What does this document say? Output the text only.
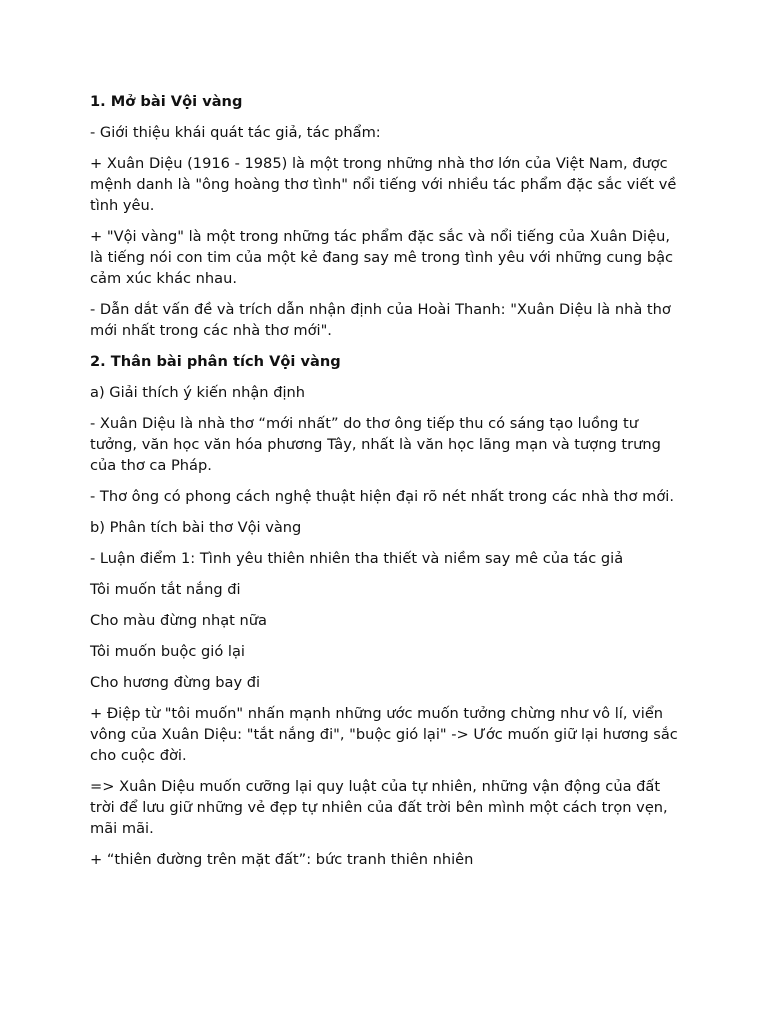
1. Mở bài Vội vàng

- Giới thiệu khái quát tác giả, tác phẩm:

+ Xuân Diệu (1916 - 1985) là một trong những nhà thơ lớn của Việt Nam, được mệnh danh là "ông hoàng thơ tình" nổi tiếng với nhiều tác phẩm đặc sắc viết về tình yêu.

+ "Vội vàng" là một trong những tác phẩm đặc sắc và nổi tiếng của Xuân Diệu, là tiếng nói con tim của một kẻ đang say mê trong tình yêu với những cung bậc cảm xúc khác nhau.

- Dẫn dắt vấn đề và trích dẫn nhận định của Hoài Thanh: "Xuân Diệu là nhà thơ mới nhất trong các nhà thơ mới".

2. Thân bài phân tích Vội vàng

a) Giải thích ý kiến nhận định

- Xuân Diệu là nhà thơ “mới nhất” do thơ ông tiếp thu có sáng tạo luồng tư tưởng, văn học văn hóa phương Tây, nhất là văn học lãng mạn và tượng trưng của thơ ca Pháp.

- Thơ ông có phong cách nghệ thuật hiện đại rõ nét nhất trong các nhà thơ mới.

b) Phân tích bài thơ Vội vàng

- Luận điểm 1: Tình yêu thiên nhiên tha thiết và niềm say mê của tác giả

Tôi muốn tắt nắng đi

Cho màu đừng nhạt nữa

Tôi muốn buộc gió lại

Cho hương đừng bay đi

+ Điệp từ "tôi muốn" nhấn mạnh những ước muốn tưởng chừng như vô lí, viển vông của Xuân Diệu: "tắt nắng đi", "buộc gió lại" -> Ước muốn giữ lại hương sắc cho cuộc đời.

=> Xuân Diệu muốn cưỡng lại quy luật của tự nhiên, những vận động của đất trời để lưu giữ những vẻ đẹp tự nhiên của đất trời bên mình một cách trọn vẹn, mãi mãi.

+ “thiên đường trên mặt đất”: bức tranh thiên nhiên
